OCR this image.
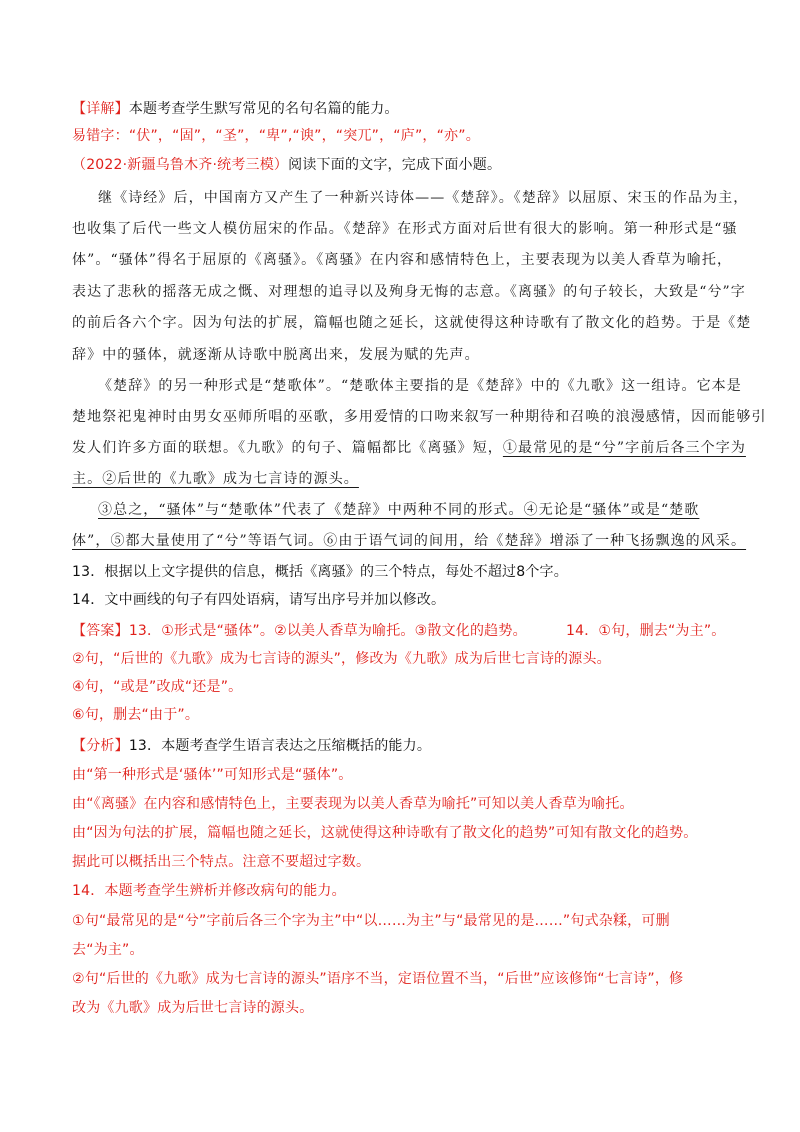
【详解】本题考查学生默写常见的名句名篇的能力。
易错字：“伏”，“固”，“圣”，“卑”,“谀”，“突兀”，“庐”，“亦”。
（2022·新疆乌鲁木齐·统考三模）阅读下面的文字，完成下面小题。
继《诗经》后，中国南方又产生了一种新兴诗体——《楚辞》。《楚辞》以屈原、宋玉的作品为主，
也收集了后代一些文人模仿屈宋的作品。《楚辞》在形式方面对后世有很大的影响。第一种形式是“骚
体”。“骚体”得名于屈原的《离骚》。《离骚》在内容和感情特色上，主要表现为以美人香草为喻托，
表达了悲秋的摇落无成之慨、对理想的追寻以及殉身无悔的志意。《离骚》的句子较长，大致是“兮”字
的前后各六个字。因为句法的扩展，篇幅也随之延长，这就使得这种诗歌有了散文化的趋势。于是《楚
辞》中的骚体，就逐渐从诗歌中脱离出来，发展为赋的先声。
《楚辞》的另一种形式是“楚歌体”。“楚歌体主要指的是《楚辞》中的《九歌》这一组诗。它本是
楚地祭祀鬼神时由男女巫师所唱的巫歌，多用爱情的口吻来叙写一种期待和召唤的浪漫感情，因而能够引
发人们许多方面的联想。《九歌》的句子、篇幅都比《离骚》短，①最常见的是“兮”字前后各三个字为
主。②后世的《九歌》成为七言诗的源头。
③总之，“骚体”与“楚歌体”代表了《楚辞》中两种不同的形式。④无论是“骚体”或是“楚歌
体”，⑤都大量使用了“兮”等语气词。⑥由于语气词的间用，给《楚辞》增添了一种飞扬飘逸的风采。
13．根据以上文字提供的信息，概括《离骚》的三个特点，每处不超过8个字。
14．文中画线的句子有四处语病，请写出序号并加以修改。
【答案】13．①形式是“骚体”。②以美人香草为喻托。③散文化的趋势。	14．①句，删去“为主”。
②句，“后世的《九歌》成为七言诗的源头”，修改为《九歌》成为后世七言诗的源头。
④句，“或是”改成“还是”。
⑥句，删去“由于”。
【分析】13．本题考查学生语言表达之压缩概括的能力。
由“第一种形式是‘骚体’”可知形式是“骚体”。
由“《离骚》在内容和感情特色上，主要表现为以美人香草为喻托”可知以美人香草为喻托。
由“因为句法的扩展，篇幅也随之延长，这就使得这种诗歌有了散文化的趋势”可知有散文化的趋势。
据此可以概括出三个特点。注意不要超过字数。
14．本题考查学生辨析并修改病句的能力。
①句“最常见的是“兮”字前后各三个字为主”中“以……为主”与“最常见的是……”句式杂糅，可删
去“为主”。
②句“后世的《九歌》成为七言诗的源头”语序不当，定语位置不当，“后世”应该修饰“七言诗”，修
改为《九歌》成为后世七言诗的源头。
